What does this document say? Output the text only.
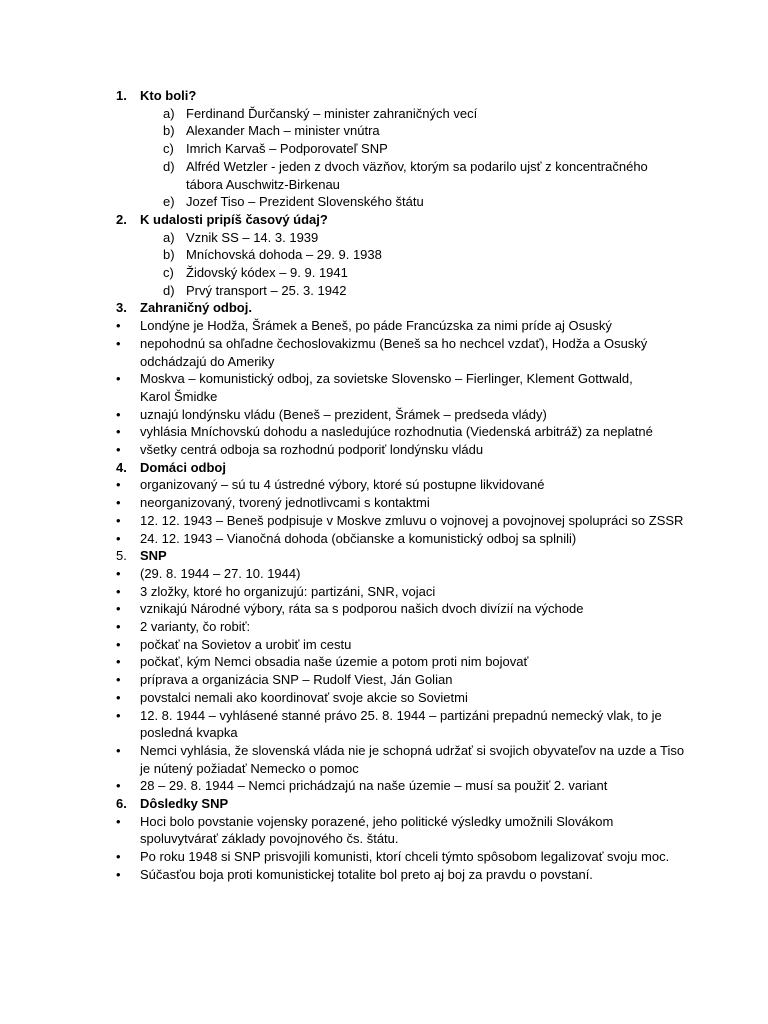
1. Kto boli?
a) Ferdinand Ďurčanský – minister zahraničných vecí
b) Alexander Mach – minister vnútra
c) Imrich Karvaš – Podporovateľ SNP
d) Alfréd Wetzler - jeden z dvoch väzňov, ktorým sa podarilo ujsť z koncentračného
tábora Auschwitz-Birkenau
e) Jozef Tiso – Prezident Slovenského štátu
2. K udalosti pripíš časový údaj?
a) Vznik SS – 14. 3. 1939
b) Mníchovská dohoda – 29. 9. 1938
c) Židovský kódex – 9. 9. 1941
d) Prvý transport – 25. 3. 1942
3. Zahraničný odboj.
• Londýne je Hodža, Šrámek a Beneš, po páde Francúzska za nimi príde aj Osuský
• nepohodnú sa ohľadne čechoslovakizmu (Beneš sa ho nechcel vzdať), Hodža a Osuský
odchádzajú do Ameriky
• Moskva – komunistický odboj, za sovietske Slovensko – Fierlinger, Klement Gottwald,
Karol Šmidke
• uznajú londýnsku vládu (Beneš – prezident, Šrámek – predseda vlády)
• vyhlásia Mníchovskú dohodu a nasledujúce rozhodnutia (Viedenská arbitráž) za neplatné
• všetky centrá odboja sa rozhodnú podporiť londýnsku vládu
4. Domáci odboj
• organizovaný – sú tu 4 ústredné výbory, ktoré sú postupne likvidované
• neorganizovaný, tvorený jednotlivcami s kontaktmi
• 12. 12. 1943 – Beneš podpisuje v Moskve zmluvu o vojnovej a povojnovej spolupráci so ZSSR
• 24. 12. 1943 – Vianočná dohoda (občianske a komunistický odboj sa splnili)
5. SNP
• (29. 8. 1944 – 27. 10. 1944)
• 3 zložky, ktoré ho organizujú: partizáni, SNR, vojaci
• vznikajú Národné výbory, ráta sa s podporou našich dvoch divízií na východe
• 2 varianty, čo robiť:
• počkať na Sovietov a urobiť im cestu
• počkať, kým Nemci obsadia naše územie a potom proti nim bojovať
• príprava a organizácia SNP – Rudolf Viest, Ján Golian
• povstalci nemali ako koordinovať svoje akcie so Sovietmi
• 12. 8. 1944 – vyhlásené stanné právo 25. 8. 1944 – partizáni prepadnú nemecký vlak, to je
posledná kvapka
• Nemci vyhlásia, že slovenská vláda nie je schopná udržať si svojich obyvateľov na uzde a Tiso
je nútený požiadať Nemecko o pomoc
• 28 – 29. 8. 1944 – Nemci prichádzajú na naše územie – musí sa použiť 2. variant
6. Dôsledky SNP
• Hoci bolo povstanie vojensky porazené, jeho politické výsledky umožnili Slovákom
spoluvytvárať základy povojnového čs. štátu.
• Po roku 1948 si SNP prisvojili komunisti, ktorí chceli týmto spôsobom legalizovať svoju moc.
• Súčasťou boja proti komunistickej totalite bol preto aj boj za pravdu o povstaní.
